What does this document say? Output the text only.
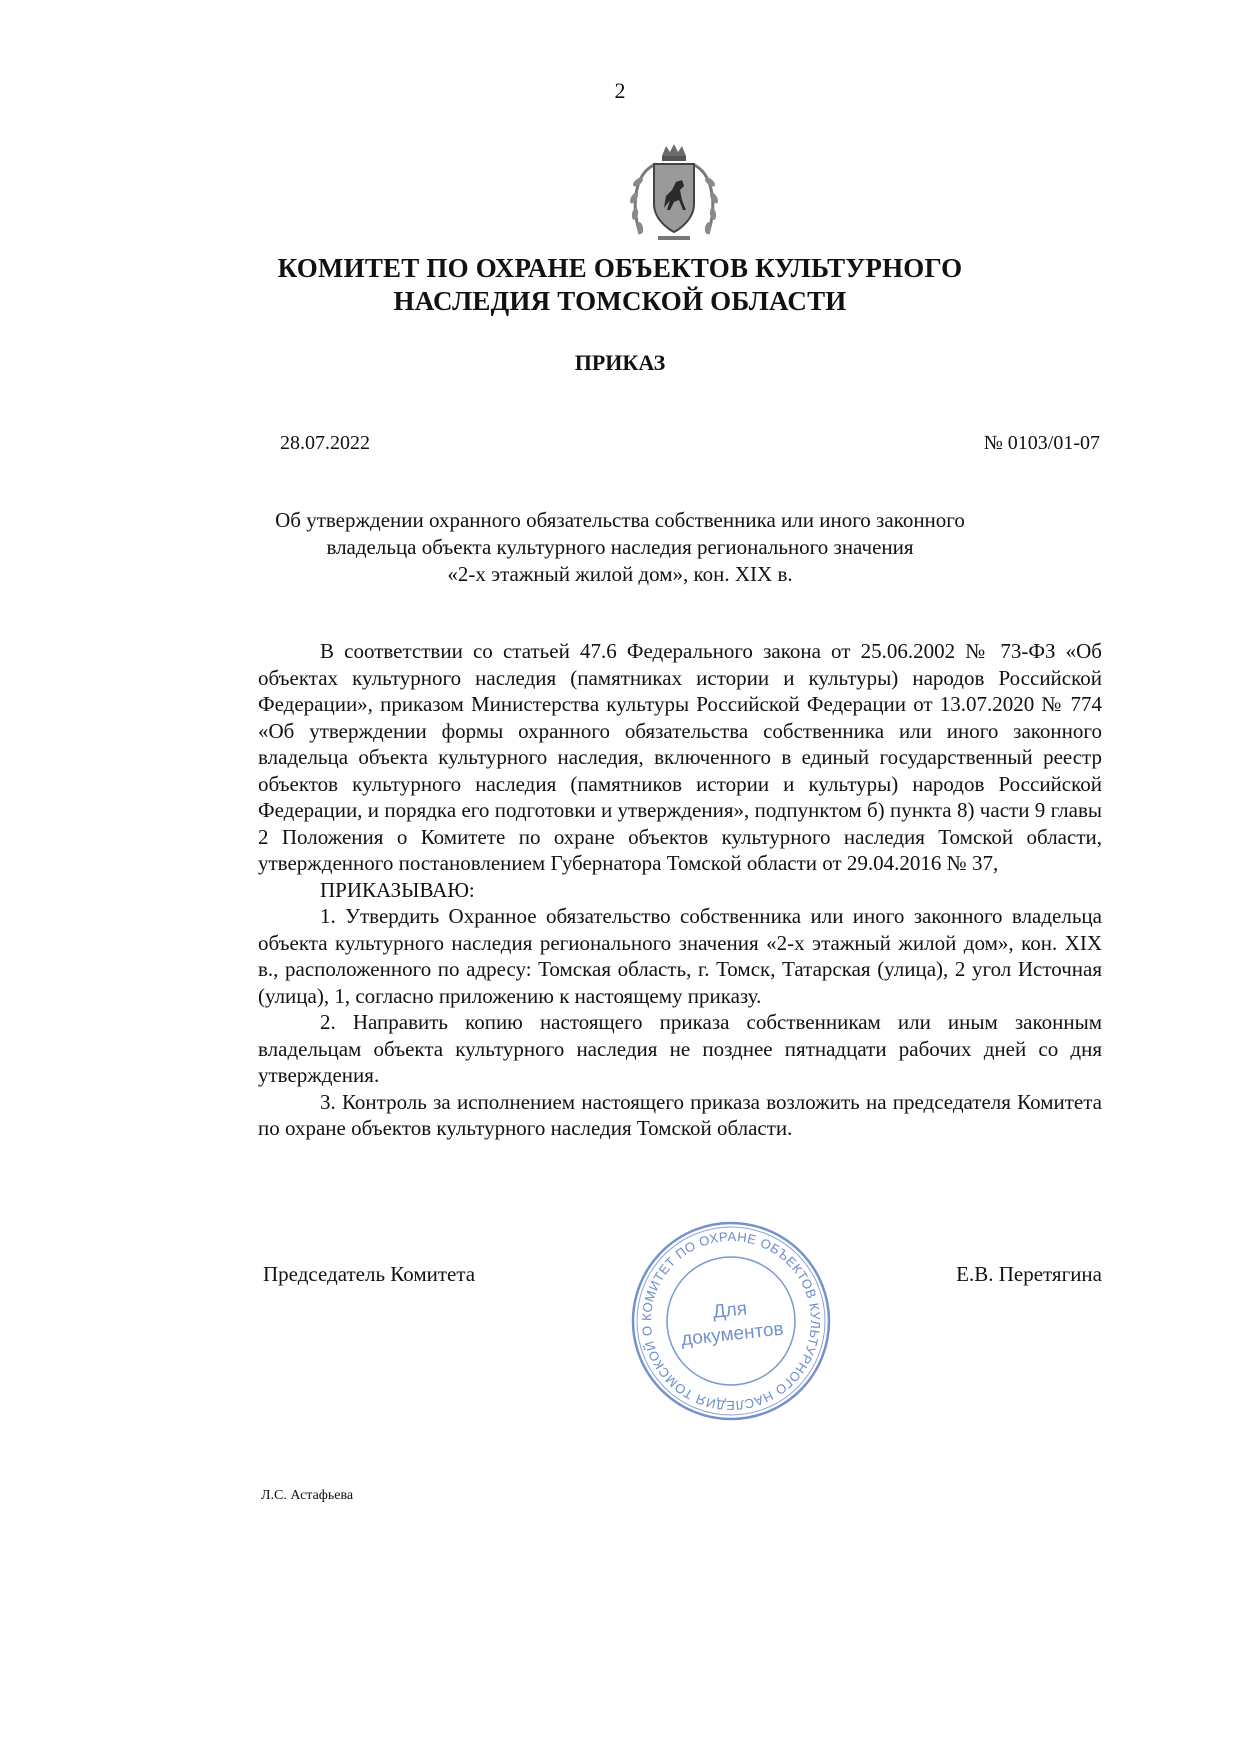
2
КОМИТЕТ ПО ОХРАНЕ ОБЪЕКТОВ КУЛЬТУРНОГО
НАСЛЕДИЯ ТОМСКОЙ ОБЛАСТИ
ПРИКАЗ
28.07.2022	№ 0103/01-07
Об утверждении охранного обязательства собственника или иного законного
владельца объекта культурного наследия регионального значения
«2-х этажный жилой дом», кон. XIX в.

В соответствии со статьей 47.6 Федерального закона от 25.06.2002 № 73-ФЗ «Об объектах культурного наследия (памятниках истории и культуры) народов Российской Федерации», приказом Министерства культуры Российской Федерации от 13.07.2020 № 774 «Об утверждении формы охранного обязательства собственника или иного законного владельца объекта культурного наследия, включенного в единый государственный реестр объектов культурного наследия (памятников истории и культуры) народов Российской Федерации, и порядка его подготовки и утверждения», подпунктом б) пункта 8) части 9 главы 2 Положения о Комитете по охране объектов культурного наследия Томской области, утвержденного постановлением Губернатора Томской области от 29.04.2016 № 37,

ПРИКАЗЫВАЮ:

1. Утвердить Охранное обязательство собственника или иного законного владельца объекта культурного наследия регионального значения «2-х этажный жилой дом», кон. XIX в., расположенного по адресу: Томская область, г. Томск, Татарская (улица), 2 угол Источная (улица), 1, согласно приложению к настоящему приказу.

2. Направить копию настоящего приказа собственникам или иным законным владельцам объекта культурного наследия не позднее пятнадцати рабочих дней со дня утверждения.

3. Контроль за исполнением настоящего приказа возложить на председателя Комитета по охране объектов культурного наследия Томской области.

Председатель Комитета	Е.В. Перетягина
КОМИТЕТ ПО ОХРАНЕ ОБЪЕКТОВ КУЛЬТУРНОГО НАСЛЕДИЯ ТОМСКОЙ О
Для
документов
Л.С. Астафьева
